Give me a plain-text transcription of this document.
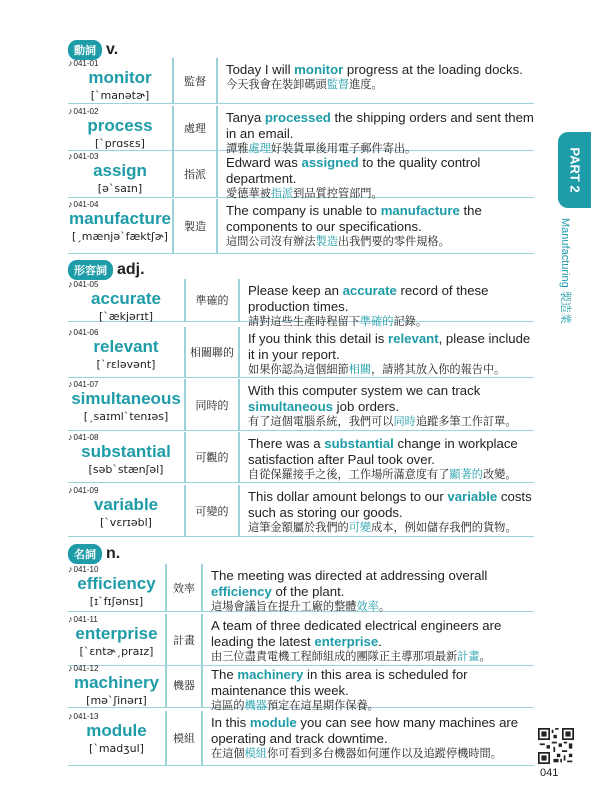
動詞 v.
形容詞 adj.
名詞 n.
♪041-01
monitor
[ˋmanətɚ]
監督
Today I will monitor progress at the loading docks.
今天我會在裝卸碼頭監督進度。
♪041-02
process
[ˋprɑsɛs]
處理
Tanya processed the shipping orders and sent them in an email.
譚雅處理好裝貨單後用電子郵件寄出。
♪041-03
assign
[əˋsaɪn]
指派
Edward was assigned to the quality control department.
愛德華被指派到品質控管部門。
♪041-04
manufacture
[ˏmænjəˋfæktʃɚ]
製造
The company is unable to manufacture the components to our specifications.
這間公司沒有辦法製造出我們要的零件規格。
♪041-05
accurate
[ˋækjərɪt]
準確的
Please keep an accurate record of these production times.
請對這些生產時程留下準確的記錄。
♪041-06
relevant
[ˋrɛləvənt]
相關聯的
If you think this detail is relevant, please include it in your report.
如果你認為這個細節相關，請將其放入你的報告中。
♪041-07
simultaneous
[ˏsaɪmlˋtenɪəs]
同時的
With this computer system we can track simultaneous job orders.
有了這個電腦系統，我們可以同時追蹤多筆工作訂單。
♪041-08
substantial
[səbˋstænʃəl]
可觀的
There was a substantial change in workplace satisfaction after Paul took over.
自從保羅接手之後，工作場所滿意度有了顯著的改變。
♪041-09
variable
[ˋvɛrɪəbl]
可變的
This dollar amount belongs to our variable costs such as storing our goods.
這筆金額屬於我們的可變成本，例如儲存我們的貨物。
♪041-10
efficiency
[ɪˋfɪʃənsɪ]
效率
The meeting was directed at addressing overall efficiency of the plant.
這場會議旨在提升工廠的整體效率。
♪041-11
enterprise
[ˋɛntɚˏpraɪz]
計畫
A team of three dedicated electrical engineers are leading the latest enterprise.
由三位盡責電機工程師組成的團隊正主導那項最新計畫。
♪041-12
machinery
[məˋʃinərɪ]
機器
The machinery in this area is scheduled for maintenance this week.
這區的機器預定在這星期作保養。
♪041-13
module
[ˋmadʒul]
模組
In this module you can see how many machines are operating and track downtime.
在這個模組你可看到多台機器如何運作以及追蹤停機時間。
PART 2
Manufacturing 製造業
041
